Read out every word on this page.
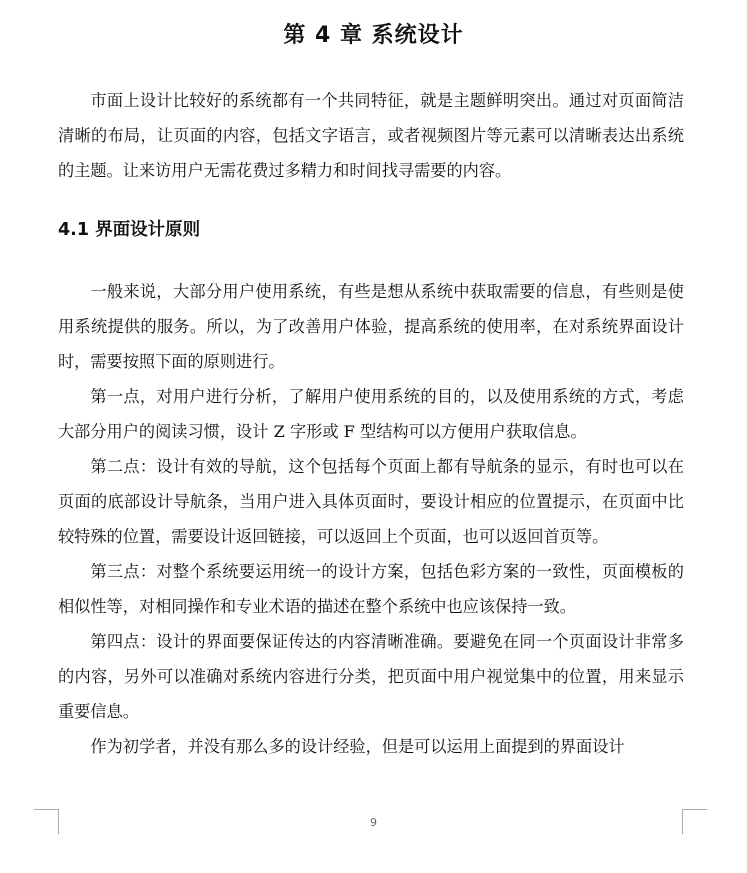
第 4 章 系统设计

市面上设计比较好的系统都有一个共同特征，就是主题鲜明突出。通过对页面简洁清晰的布局，让页面的内容，包括文字语言，或者视频图片等元素可以清晰表达出系统的主题。让来访用户无需花费过多精力和时间找寻需要的内容。

4.1 界面设计原则

一般来说，大部分用户使用系统，有些是想从系统中获取需要的信息，有些则是使用系统提供的服务。所以，为了改善用户体验，提高系统的使用率，在对系统界面设计时，需要按照下面的原则进行。

第一点，对用户进行分析，了解用户使用系统的目的，以及使用系统的方式，考虑大部分用户的阅读习惯，设计 Z 字形或 F 型结构可以方便用户获取信息。

第二点：设计有效的导航，这个包括每个页面上都有导航条的显示，有时也可以在页面的底部设计导航条，当用户进入具体页面时，要设计相应的位置提示，在页面中比较特殊的位置，需要设计返回链接，可以返回上个页面，也可以返回首页等。

第三点：对整个系统要运用统一的设计方案，包括色彩方案的一致性，页面模板的相似性等，对相同操作和专业术语的描述在整个系统中也应该保持一致。

第四点：设计的界面要保证传达的内容清晰准确。要避免在同一个页面设计非常多的内容，另外可以准确对系统内容进行分类，把页面中用户视觉集中的位置，用来显示重要信息。

作为初学者，并没有那么多的设计经验，但是可以运用上面提到的界面设计

9
